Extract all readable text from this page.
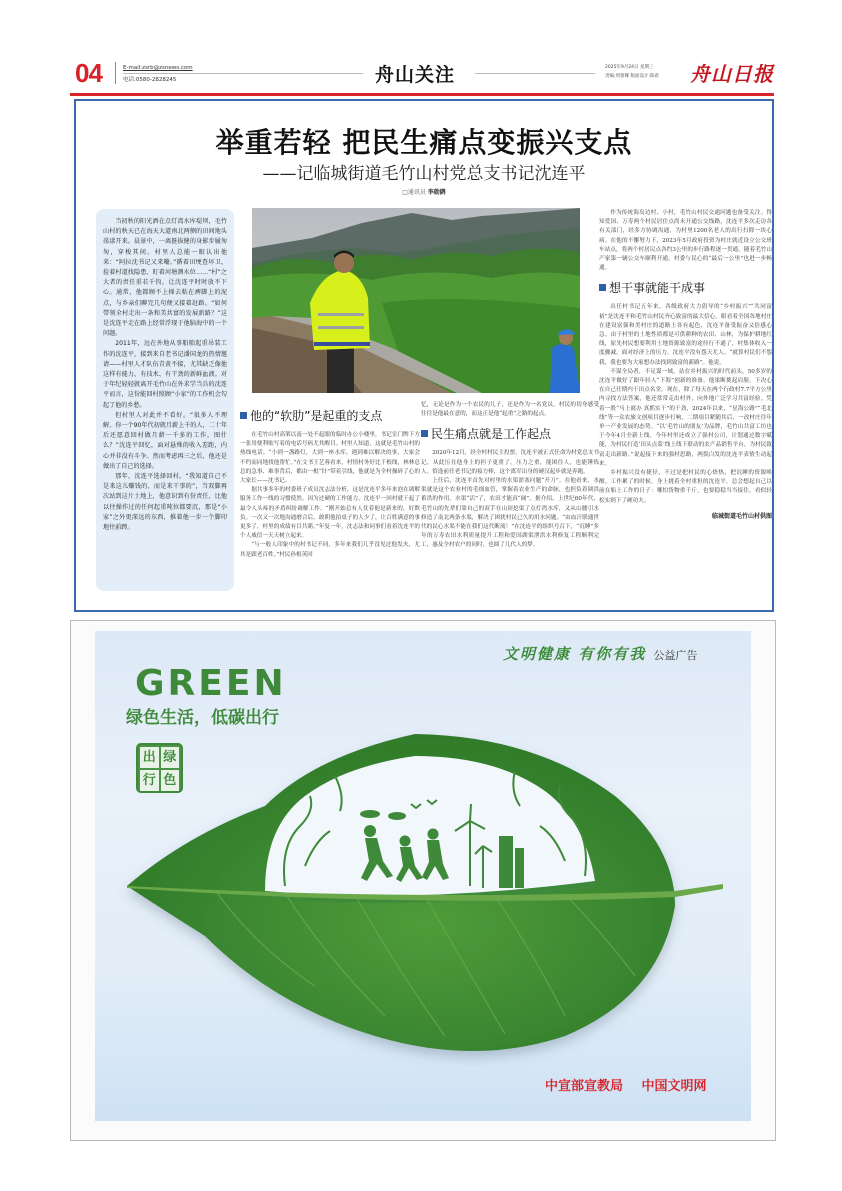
04	E-mail:zsrb@zsnews.com
电话:0580-2828245	舟山关注	2025年9月24日 星期三
责编:周蕾娜 版面设计:陈希 舟山日报
举重若轻 把民生痛点变振兴支点
——记临城街道毛竹山村党总支书记沈连平
□通讯员 李勍鹍

当初秋的阳光洒在点灯湾水库堤坝，毛竹山村的秋天已在海天大道南北两侧的田间地头荡漾开来。晨景中，一离挺拔健的身影步履匆匆，穿梭其间。村里人总能一眼认出他来：“阿拉沈书记又来嘞。”循着田埂查坏卫、捡着村道找隐患、盯着河塘测水位……“村”之大者的责任重若千钧，让沈连平时时放不下心。通常，他都顾不上掸去粘在裤脚上的泥点，与乡亲们聊完几句便又接着赶路。“如何带领全村走出一条和美共富的发展新路？”这是沈连平走在路上经常浮现于他脑海中的一个问题。

2011年，远在外地从事船舶起重吊装工作的沈连平，接到来自老书记潘国龙的热情邀请——村里人才队伍青黄不接，尤其缺乏像他这样有能力、有技术、有干劲的新鲜血液。对于年纪轻轻就离开毛竹山在外求学当兵的沈连平而言，这份能回村照顾“小家”的工作机会勾起了他的乡愁。

但村里人对此并不看好。“很多人不理解，你一个90年代初就月薪上千的人，二十年后还愿意回村做月薪一千多的工作，图什么？”沈连平回忆，面对悬殊的收入差距，内心并非没有斗争。然而考虑再三之后，他还是做出了自己的选择。

那年，沈连平选择回村。“我知道自己不是来这儿赚钱的，而是来干事的”，当双脚再次站到这片土地上，他意识到有份责任，比他以往操作过的任何起重吨位都要沉，那是“小家”之外更深远的东西，推着他一步一个脚印地往前蹚。

他的“软肋”是起重的支点

在毛竹山村高架以南一处不起眼的临时办公小楼里，书记室门牌下方一张用便利贴写着的电话号码尤其醒目。村里人知道，这就是毛竹山村的热线电话。“小到一盏路灯，大到一座水库，遇到难以解决的事，大家会不约而同地找他帮忙。”在文书王艺蓉看来，村情村务好比千根线，林林总总的急事、难事背后，都由一根“针”带着引线，他就是为全村操碎了心的大家长——沈书记。

据共事多年的村委班子成员沈志法分析，这是沈连平多年来泡在调解服务工作一线的习惯使然。因为过硬的工作能力，沈连平一回村就干起了最令人头疼的矛盾纠纷调解工作。“刚开始总有人仗着他是新来的，好欺负。一次又一次地沟通磨合后，敢朝他拍桌子的人少了，让百姓满意的事更多了，村里的成绩有目共睹。”年复一年，沈志法和同事们看着沈连平的个人威信一天天树立起来。

“与一般人印象中的村书记不同，多年来我们几乎没见过他发火，尤其是跟老百姓。”村民孙根英回

忆，无论是作为一个农民的儿子，还是作为一名党员，村民的切身感受往往是他最在意的，而这正是他“起重”之路的起点。
民生痛点就是工作起点

2020年12月，经全村村民主投票，沈连平被正式任命为村党总支书记，从此压在他身上的担子更重了。压力之重，能困住人，也能锤炼人。恰逢前任老书记的接力棒，这个离军出身的硬汉起步就是奔跑。

上任后，沈连平首先对村里的水渠淤塞问题“开刀”。在他看来，水渠就是这个农业村的毛细血管，掌握着农业生产的命脉，也担负着调洪蓄洪的作用。水渠“活”了，农田才能真“阔”。据介绍，上世纪60年代，毛竹山的先辈们靠自己的双手在山顶挖渠了点灯湾水库，又从山腰引水修造了南北两条水渠，解决了困扰村民已久的用水问题。“由血汗联通世代的民心水渠不能在我们这代断流！”在沈连平的组织号召下，“沉睡”多年的万寿农田水利质量提升工程和爱国湖渠泄洪水利修复工程顺利完工，惠及全村农户的同时，也圆了几代人的梦。

作为传统海岛边村、小村，毛竹山村民交通问题也备受关注。得知爱国、万寿两个村民居住点尚未开通公交线路，沈连平多次走访各有关部门，经多方协调沟通，为村里1200名老人的出行扫除一块心病。在他的不懈努力下，2023年5月政府投资为村庄就近设立公交班车站点，将两个村居民点各约3公里的步行路程逐一贯通。随着毛竹山产家第一辆公交车顺利开通，村委与民心的“最后一公里”也进一步畅通。

想干事就能干成事

出任村书记五年来，各级政府大力倡导的“乡村振兴”“共同富裕”是沈连平和毛竹山村民齐心致富的最大信心。眼看着全国各地村庄在建设富强和美村庄的道路上各有起色，沈连平备受振奋又倍感心急。由于村里的土地性质都是可供耕种的农田、山林，为保护耕地红线，原先村民想要利用土地资源致富的途径行不通了，村集体收入一度骤减。面对经济上的压力，沈连平没有怨天尤人。“就算村民们不怨我，我也要为大家想办法找到致富的新路”。他说。

不谋全局者，不足谋一域。站在乡村振兴的时代前头，50多岁的沈连平做好了跟年轻人“下海”创新的准备。他果断挑起肩膀，下决心在自己任期内干出点名堂。现在，除了每天在两个行政村7.7平方公里内寻找方法答案，他还常常走出村外，向外地广泛学习共富经验。凭着一股“马上就办 真抓实干”的干劲，2024年以来，“星海公路”“毛北线”等一众农旅文创项目逐步打响，二期项目紧随其后，一改村庄往年单一产业发展的态势。“以‘毛竹山的朋友’为品牌，毛竹山共富工坊也于今年4月全新上线。今年村里还成立了强村公司，计划通过数字赋能，为村民打造‘田头点菜’线上线下联动的农产品销售平台，为村民致富走出新路。”说起接下来的强村思路，两鬓白发的沈连平表情生动起来。

乡村振兴没有捷径，不过是把村民的心焐热，把沉睡的资源唤醒。工作累了的时候，身上挑着全村重担的沈连平，总会想起自己以前在船上工作的日子：哪怕货物重千斤，也要稳稳当当接住，看似轻松实则下了硬功夫。

临城街道毛竹山村供图
GREEN
绿色生活，低碳出行
出 绿
行 色
文明健康 有你有我 公益广告
中宣部宣教局 中国文明网
